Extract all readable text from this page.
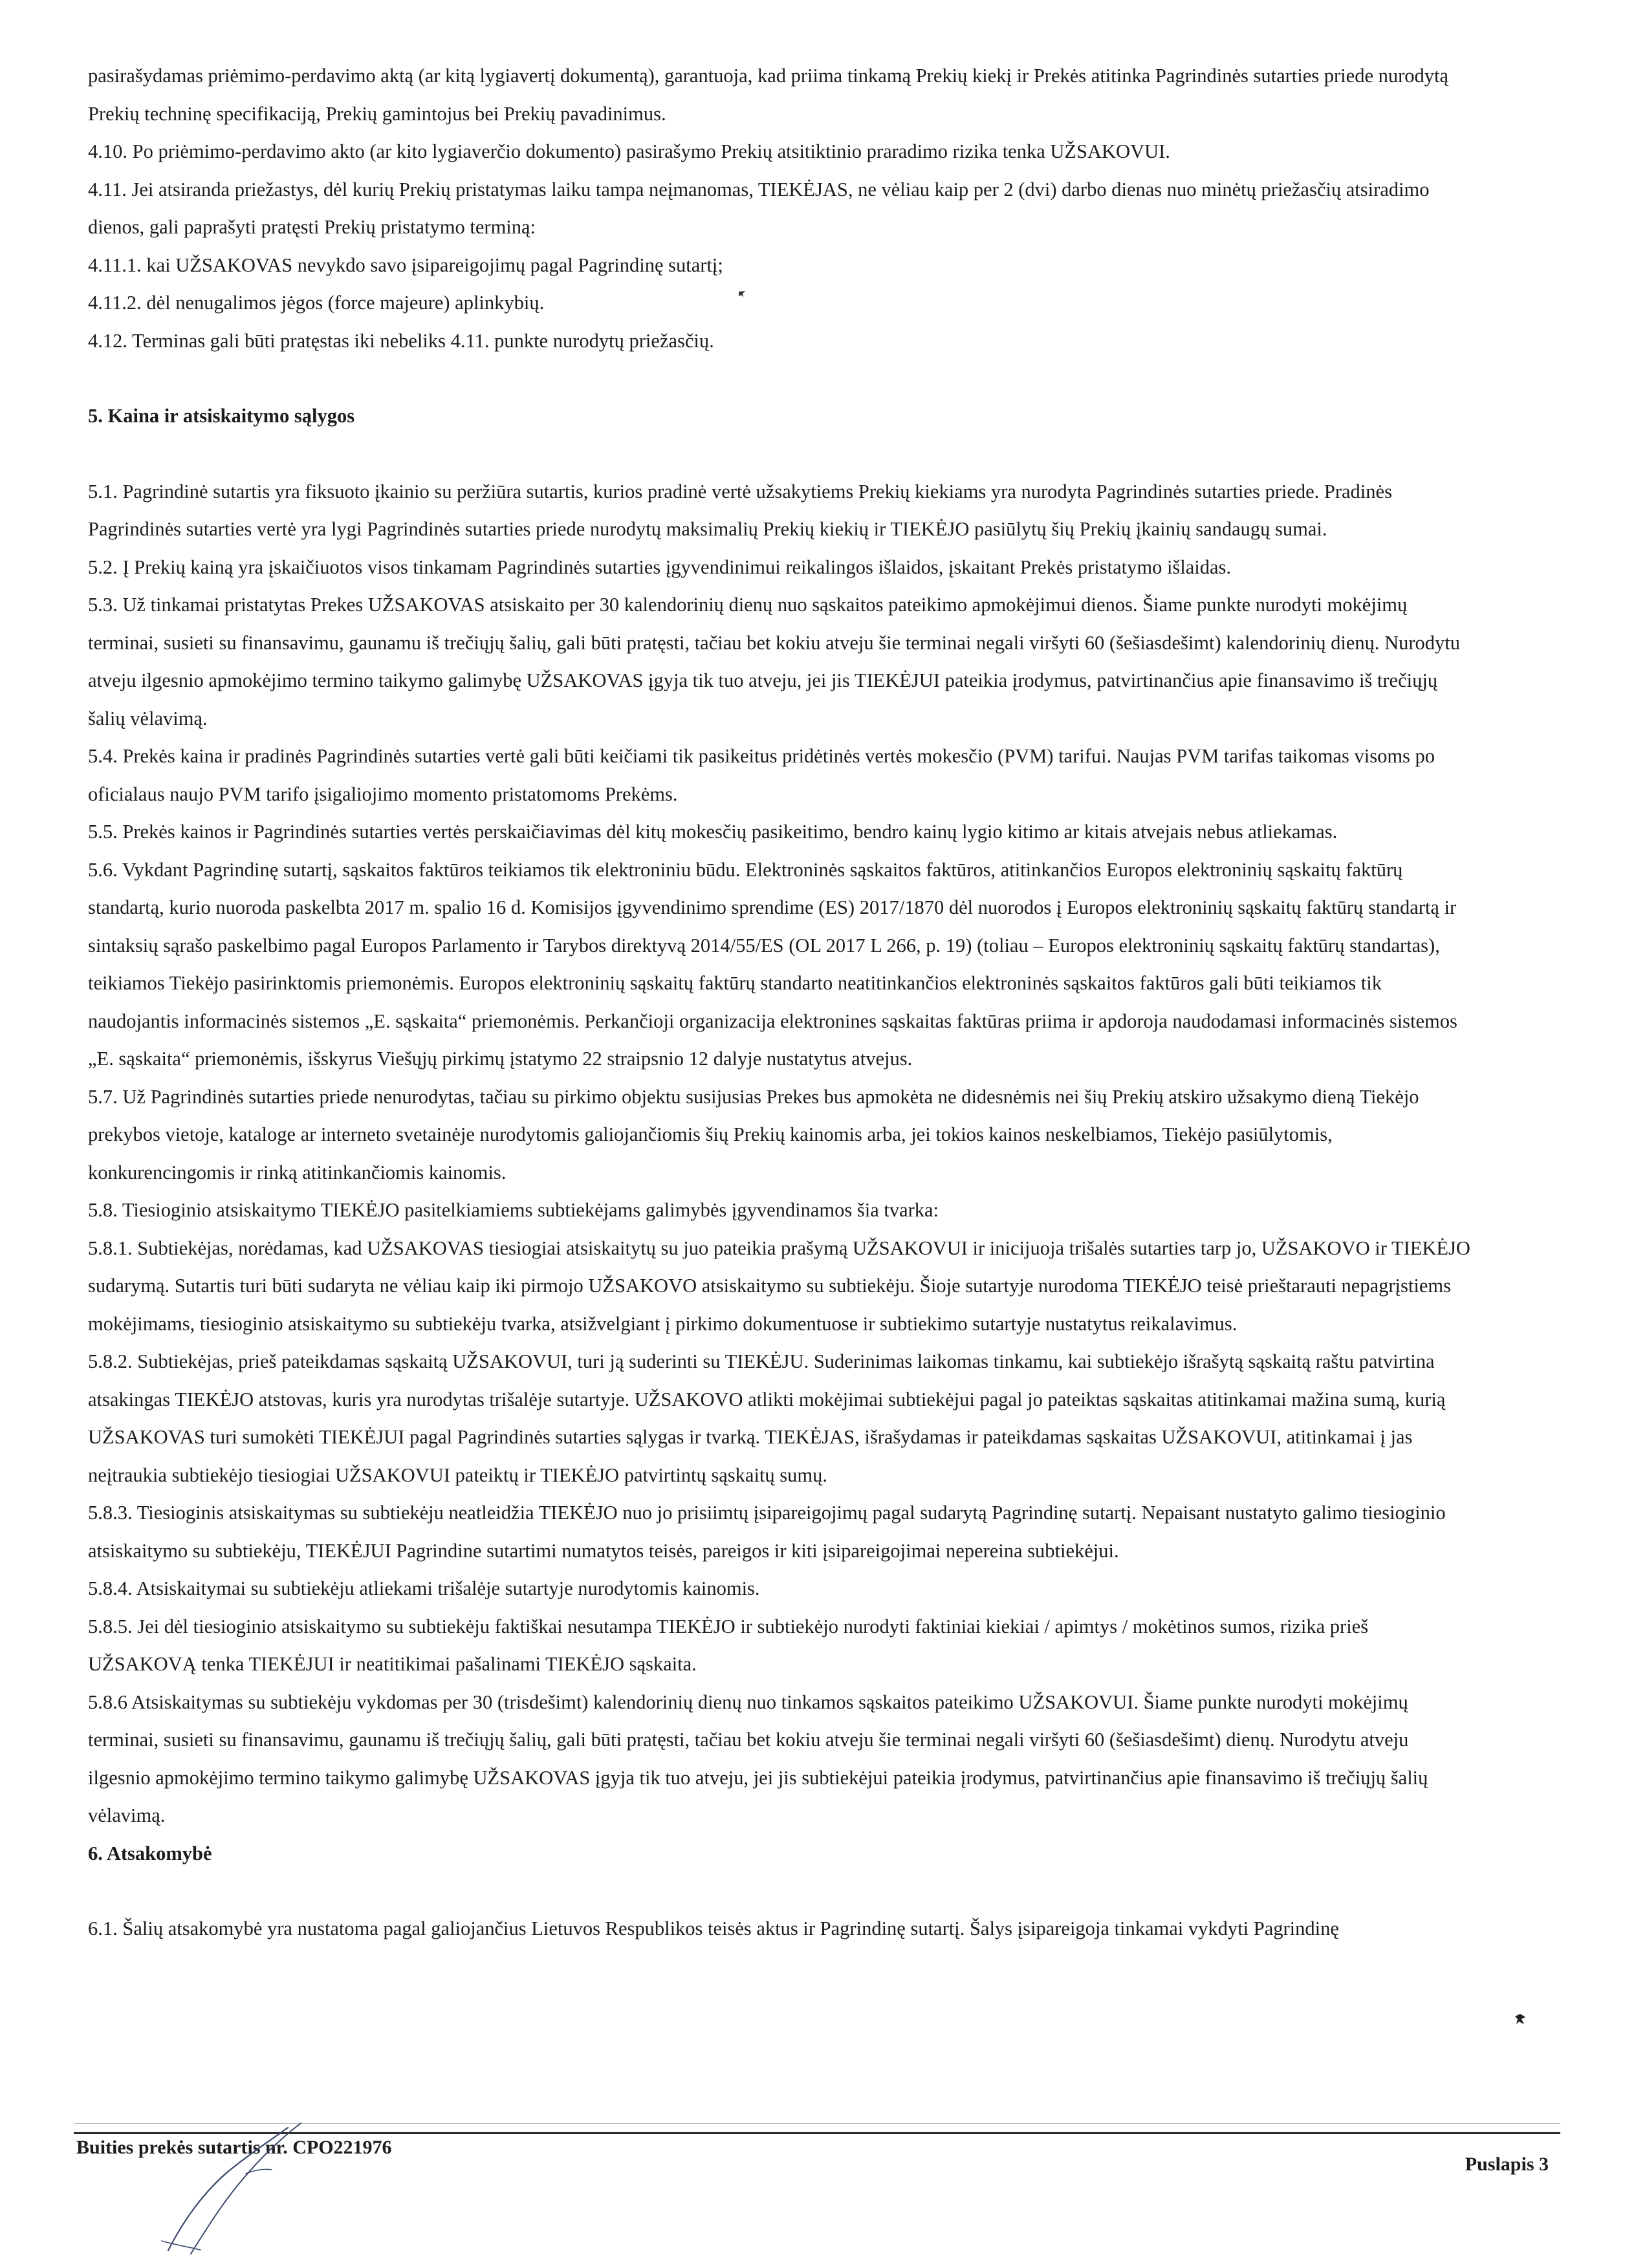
pasirašydamas priėmimo-perdavimo aktą (ar kitą lygiavertį dokumentą), garantuoja, kad priima tinkamą Prekių kiekį ir Prekės atitinka Pagrindinės sutarties priede nurodytą Prekių techninę specifikaciją, Prekių gamintojus bei Prekių pavadinimus.

4.10. Po priėmimo-perdavimo akto (ar kito lygiaverčio dokumento) pasirašymo Prekių atsitiktinio praradimo rizika tenka UŽSAKOVUI.

4.11. Jei atsiranda priežastys, dėl kurių Prekių pristatymas laiku tampa neįmanomas, TIEKĖJAS, ne vėliau kaip per 2 (dvi) darbo dienas nuo minėtų priežasčių atsiradimo dienos, gali paprašyti pratęsti Prekių pristatymo terminą:

4.11.1. kai UŽSAKOVAS nevykdo savo įsipareigojimų pagal Pagrindinę sutartį;

4.11.2. dėl nenugalimos jėgos (force majeure) aplinkybių.

4.12. Terminas gali būti pratęstas iki nebeliks 4.11. punkte nurodytų priežasčių.

5. Kaina ir atsiskaitymo sąlygos

5.1. Pagrindinė sutartis yra fiksuoto įkainio su peržiūra sutartis, kurios pradinė vertė užsakytiems Prekių kiekiams yra nurodyta Pagrindinės sutarties priede. Pradinės Pagrindinės sutarties vertė yra lygi Pagrindinės sutarties priede nurodytų maksimalių Prekių kiekių ir TIEKĖJO pasiūlytų šių Prekių įkainių sandaugų sumai.

5.2. Į Prekių kainą yra įskaičiuotos visos tinkamam Pagrindinės sutarties įgyvendinimui reikalingos išlaidos, įskaitant Prekės pristatymo išlaidas.

5.3. Už tinkamai pristatytas Prekes UŽSAKOVAS atsiskaito per 30 kalendorinių dienų nuo sąskaitos pateikimo apmokėjimui dienos. Šiame punkte nurodyti mokėjimų terminai, susieti su finansavimu, gaunamu iš trečiųjų šalių, gali būti pratęsti, tačiau bet kokiu atveju šie terminai negali viršyti 60 (šešiasdešimt) kalendorinių dienų. Nurodytu atveju ilgesnio apmokėjimo termino taikymo galimybę UŽSAKOVAS įgyja tik tuo atveju, jei jis TIEKĖJUI pateikia įrodymus, patvirtinančius apie finansavimo iš trečiųjų šalių vėlavimą.

5.4. Prekės kaina ir pradinės Pagrindinės sutarties vertė gali būti keičiami tik pasikeitus pridėtinės vertės mokesčio (PVM) tarifui. Naujas PVM tarifas taikomas visoms po oficialaus naujo PVM tarifo įsigaliojimo momento pristatomoms Prekėms.

5.5. Prekės kainos ir Pagrindinės sutarties vertės perskaičiavimas dėl kitų mokesčių pasikeitimo, bendro kainų lygio kitimo ar kitais atvejais nebus atliekamas.

5.6. Vykdant Pagrindinę sutartį, sąskaitos faktūros teikiamos tik elektroniniu būdu. Elektroninės sąskaitos faktūros, atitinkančios Europos elektroninių sąskaitų faktūrų standartą, kurio nuoroda paskelbta 2017 m. spalio 16 d. Komisijos įgyvendinimo sprendime (ES) 2017/1870 dėl nuorodos į Europos elektroninių sąskaitų faktūrų standartą ir sintaksių sąrašo paskelbimo pagal Europos Parlamento ir Tarybos direktyvą 2014/55/ES (OL 2017 L 266, p. 19) (toliau – Europos elektroninių sąskaitų faktūrų standartas), teikiamos Tiekėjo pasirinktomis priemonėmis. Europos elektroninių sąskaitų faktūrų standarto neatitinkančios elektroninės sąskaitos faktūros gali būti teikiamos tik naudojantis informacinės sistemos „E. sąskaita“ priemonėmis. Perkančioji organizacija elektronines sąskaitas faktūras priima ir apdoroja naudodamasi informacinės sistemos „E. sąskaita“ priemonėmis, išskyrus Viešųjų pirkimų įstatymo 22 straipsnio 12 dalyje nustatytus atvejus.

5.7. Už Pagrindinės sutarties priede nenurodytas, tačiau su pirkimo objektu susijusias Prekes bus apmokėta ne didesnėmis nei šių Prekių atskiro užsakymo dieną Tiekėjo prekybos vietoje, kataloge ar interneto svetainėje nurodytomis galiojančiomis šių Prekių kainomis arba, jei tokios kainos neskelbiamos, Tiekėjo pasiūlytomis, konkurencingomis ir rinką atitinkančiomis kainomis.

5.8. Tiesioginio atsiskaitymo TIEKĖJO pasitelkiamiems subtiekėjams galimybės įgyvendinamos šia tvarka:

5.8.1. Subtiekėjas, norėdamas, kad UŽSAKOVAS tiesiogiai atsiskaitytų su juo pateikia prašymą UŽSAKOVUI ir inicijuoja trišalės sutarties tarp jo, UŽSAKOVO ir TIEKĖJO sudarymą. Sutartis turi būti sudaryta ne vėliau kaip iki pirmojo UŽSAKOVO atsiskaitymo su subtiekėju. Šioje sutartyje nurodoma TIEKĖJO teisė prieštarauti nepagrįstiems mokėjimams, tiesioginio atsiskaitymo su subtiekėju tvarka, atsižvelgiant į pirkimo dokumentuose ir subtiekimo sutartyje nustatytus reikalavimus.

5.8.2. Subtiekėjas, prieš pateikdamas sąskaitą UŽSAKOVUI, turi ją suderinti su TIEKĖJU. Suderinimas laikomas tinkamu, kai subtiekėjo išrašytą sąskaitą raštu patvirtina atsakingas TIEKĖJO atstovas, kuris yra nurodytas trišalėje sutartyje. UŽSAKOVO atlikti mokėjimai subtiekėjui pagal jo pateiktas sąskaitas atitinkamai mažina sumą, kurią UŽSAKOVAS turi sumokėti TIEKĖJUI pagal Pagrindinės sutarties sąlygas ir tvarką. TIEKĖJAS, išrašydamas ir pateikdamas sąskaitas UŽSAKOVUI, atitinkamai į jas neįtraukia subtiekėjo tiesiogiai UŽSAKOVUI pateiktų ir TIEKĖJO patvirtintų sąskaitų sumų.

5.8.3. Tiesioginis atsiskaitymas su subtiekėju neatleidžia TIEKĖJO nuo jo prisiimtų įsipareigojimų pagal sudarytą Pagrindinę sutartį. Nepaisant nustatyto galimo tiesioginio atsiskaitymo su subtiekėju, TIEKĖJUI Pagrindine sutartimi numatytos teisės, pareigos ir kiti įsipareigojimai nepereina subtiekėjui.

5.8.4. Atsiskaitymai su subtiekėju atliekami trišalėje sutartyje nurodytomis kainomis.

5.8.5. Jei dėl tiesioginio atsiskaitymo su subtiekėju faktiškai nesutampa TIEKĖJO ir subtiekėjo nurodyti faktiniai kiekiai / apimtys / mokėtinos sumos, rizika prieš UŽSAKOVĄ tenka TIEKĖJUI ir neatitikimai pašalinami TIEKĖJO sąskaita.

5.8.6 Atsiskaitymas su subtiekėju vykdomas per 30 (trisdešimt) kalendorinių dienų nuo tinkamos sąskaitos pateikimo UŽSAKOVUI. Šiame punkte nurodyti mokėjimų terminai, susieti su finansavimu, gaunamu iš trečiųjų šalių, gali būti pratęsti, tačiau bet kokiu atveju šie terminai negali viršyti 60 (šešiasdešimt) dienų. Nurodytu atveju ilgesnio apmokėjimo termino taikymo galimybę UŽSAKOVAS įgyja tik tuo atveju, jei jis subtiekėjui pateikia įrodymus, patvirtinančius apie finansavimo iš trečiųjų šalių vėlavimą.

6. Atsakomybė

6.1. Šalių atsakomybė yra nustatoma pagal galiojančius Lietuvos Respublikos teisės aktus ir Pagrindinę sutartį. Šalys įsipareigoja tinkamai vykdyti Pagrindinę

Buities prekės sutartis nr. CPO221976
Puslapis 3
